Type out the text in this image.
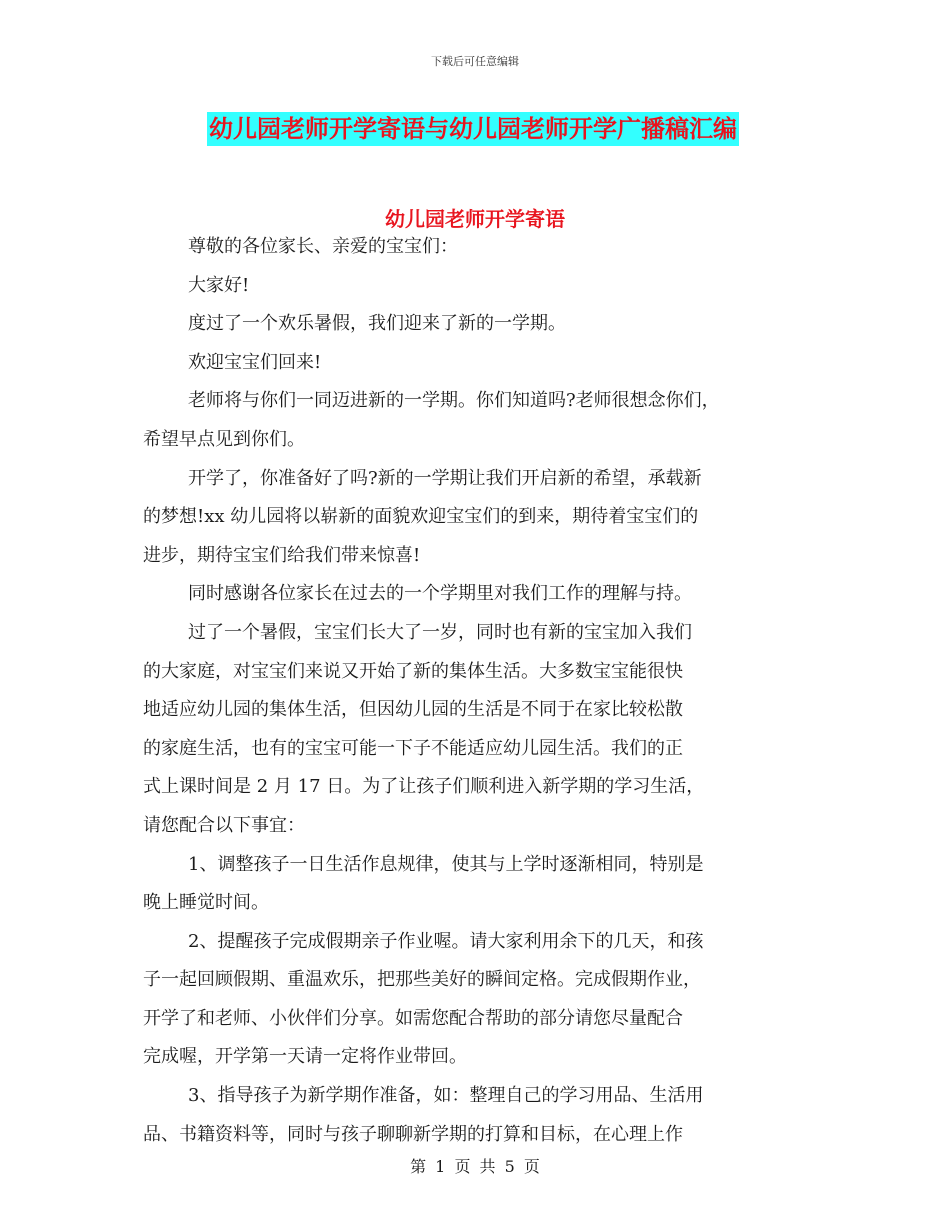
下载后可任意编辑
幼儿园老师开学寄语与幼儿园老师开学广播稿汇编
幼儿园老师开学寄语

尊敬的各位家长、亲爱的宝宝们：

大家好!

度过了一个欢乐暑假，我们迎来了新的一学期。

欢迎宝宝们回来!

老师将与你们一同迈进新的一学期。你们知道吗?老师很想念你们，

希望早点见到你们。

开学了，你准备好了吗?新的一学期让我们开启新的希望，承载新

的梦想!xx 幼儿园将以崭新的面貌欢迎宝宝们的到来，期待着宝宝们的

进步，期待宝宝们给我们带来惊喜!

同时感谢各位家长在过去的一个学期里对我们工作的理解与持。

过了一个暑假，宝宝们长大了一岁，同时也有新的宝宝加入我们

的大家庭，对宝宝们来说又开始了新的集体生活。大多数宝宝能很快

地适应幼儿园的集体生活，但因幼儿园的生活是不同于在家比较松散

的家庭生活，也有的宝宝可能一下子不能适应幼儿园生活。我们的正

式上课时间是 2 月 17 日。为了让孩子们顺利进入新学期的学习生活，

请您配合以下事宜：

1、调整孩子一日生活作息规律，使其与上学时逐渐相同，特别是

晚上睡觉时间。

2、提醒孩子完成假期亲子作业喔。请大家利用余下的几天，和孩

子一起回顾假期、重温欢乐，把那些美好的瞬间定格。完成假期作业，

开学了和老师、小伙伴们分享。如需您配合帮助的部分请您尽量配合

完成喔，开学第一天请一定将作业带回。

3、指导孩子为新学期作准备，如：整理自己的学习用品、生活用

品、书籍资料等，同时与孩子聊聊新学期的打算和目标，在心理上作

第 1 页 共 5 页
